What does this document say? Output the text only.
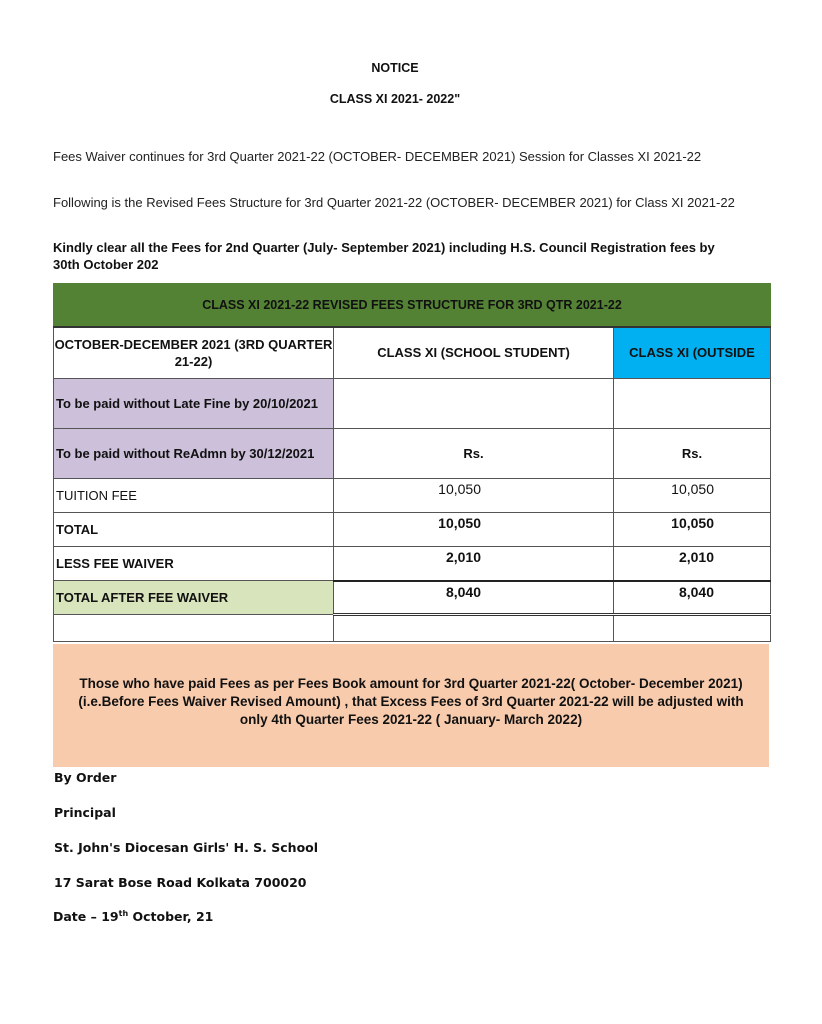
NOTICE
CLASS XI 2021- 2022"

Fees Waiver continues for 3rd Quarter 2021-22 (OCTOBER- DECEMBER 2021) Session for Classes XI 2021-22

Following is the Revised Fees Structure for 3rd Quarter 2021-22 (OCTOBER- DECEMBER 2021) for Class XI 2021-22

Kindly clear all the Fees for 2nd Quarter (July- September 2021) including H.S. Council Registration fees by 30th October 202

CLASS XI 2021-22 REVISED FEES STRUCTURE FOR 3RD QTR 2021-22		
OCTOBER-DECEMBER 2021 (3RD QUARTER 21-22)	CLASS XI (SCHOOL STUDENT)	CLASS XI (OUTSIDE
To be paid without Late Fine by 20/10/2021		
To be paid without ReAdmn by 30/12/2021	Rs.	Rs.
TUITION FEE	10,050	10,050
TOTAL	10,050	10,050
LESS FEE WAIVER	2,010	2,010
TOTAL AFTER FEE WAIVER	8,040	8,040

Those who have paid Fees as per Fees Book amount for 3rd Quarter 2021-22( October- December 2021) (i.e.Before Fees Waiver Revised Amount) , that Excess Fees of 3rd Quarter 2021-22 will be adjusted with only 4th Quarter Fees 2021-22 ( January- March 2022)
By Order
Principal
St. John's Diocesan Girls' H. S. School
17 Sarat Bose Road Kolkata 700020
Date – 19th October, 21
